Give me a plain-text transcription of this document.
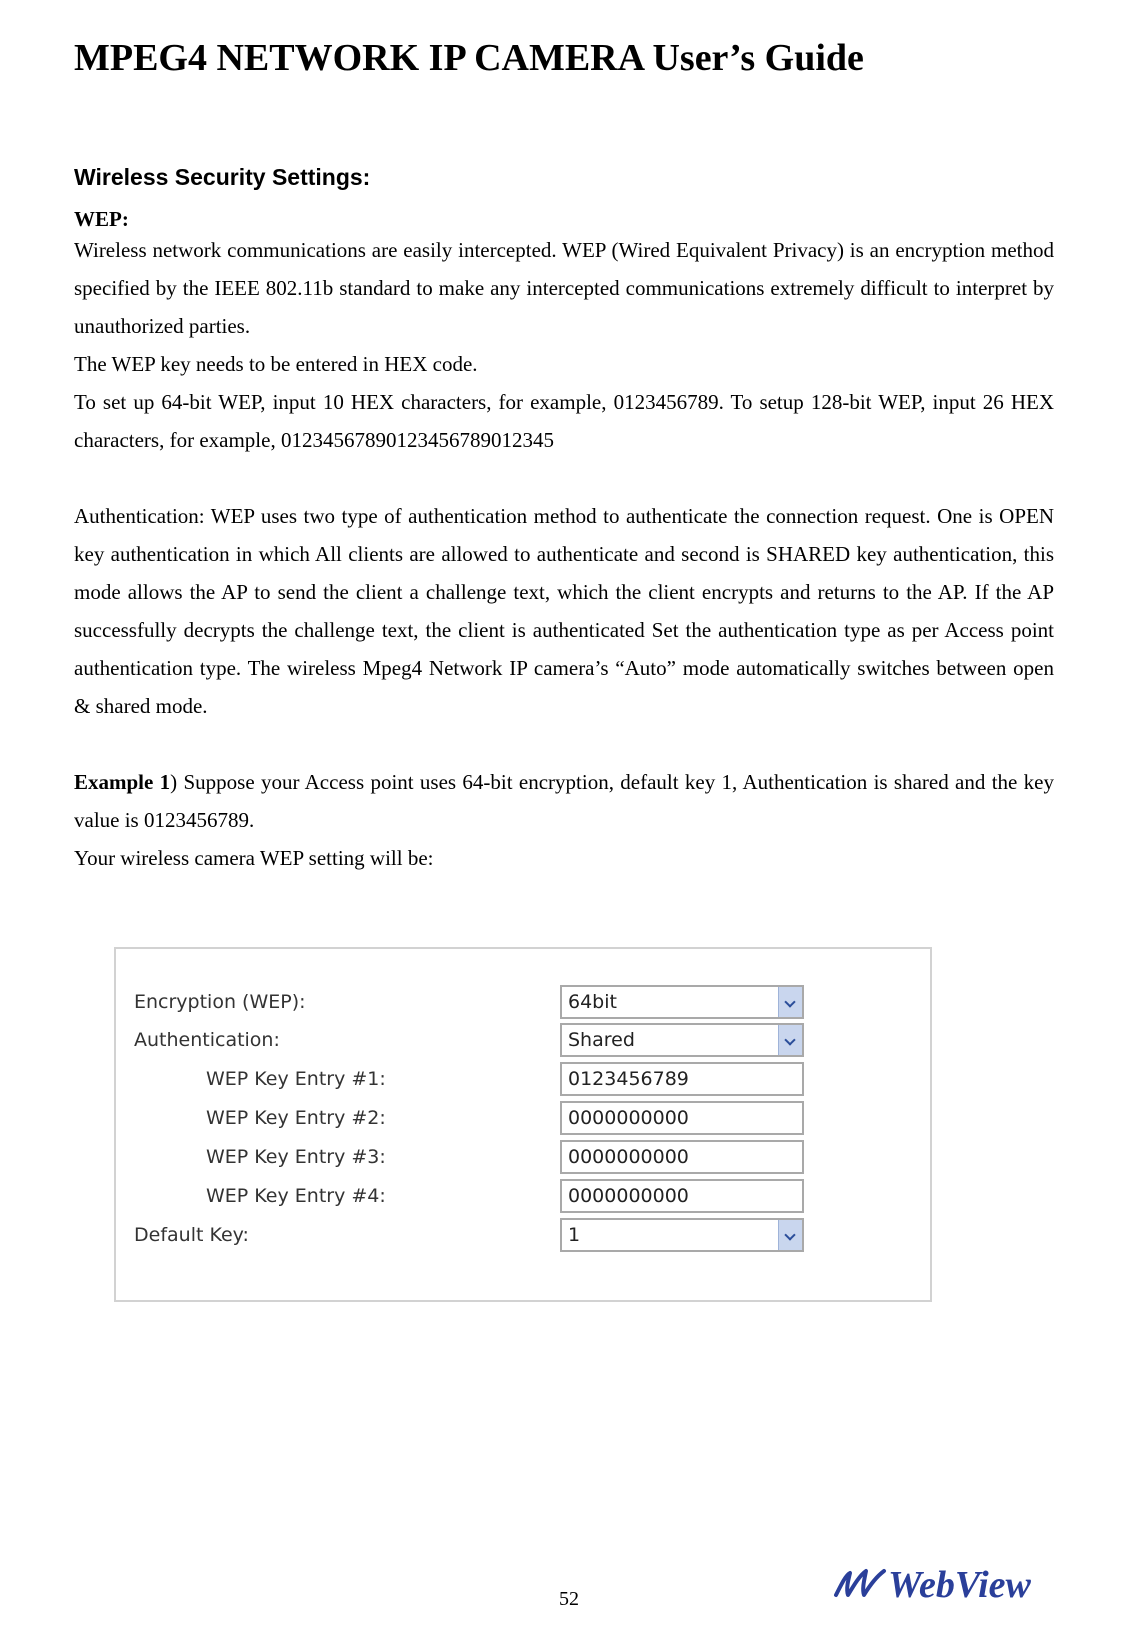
MPEG4 NETWORK IP CAMERA User’s Guide
Wireless Security Settings:
WEP:

Wireless network communications are easily intercepted. WEP (Wired Equivalent Privacy) is an encryption method specified by the IEEE 802.11b standard to make any intercepted communications extremely difficult to interpret by unauthorized parties.

The WEP key needs to be entered in HEX code.

To set up 64-bit WEP, input 10 HEX characters, for example, 0123456789. To setup 128-bit WEP, input 26 HEX characters, for example, 01234567890123456789012345

Authentication: WEP uses two type of authentication method to authenticate the connection request. One is OPEN key authentication in which All clients are allowed to authenticate and second is SHARED key authentication, this mode allows the AP to send the client a challenge text, which the client encrypts and returns to the AP. If the AP successfully decrypts the challenge text, the client is authenticated Set the authentication type as per Access point authentication type. The wireless Mpeg4 Network IP camera’s “Auto” mode automatically switches between open & shared mode.

Example 1) Suppose your Access point uses 64-bit encryption, default key 1, Authentication is shared and the key value is 0123456789.

Your wireless camera WEP setting will be:

Encryption (WEP):	64bit
Authentication:	Shared
WEP Key Entry #1:	0123456789
WEP Key Entry #2:	0000000000
WEP Key Entry #3:	0000000000
WEP Key Entry #4:	0000000000
Default Key:	1
52	WebView
